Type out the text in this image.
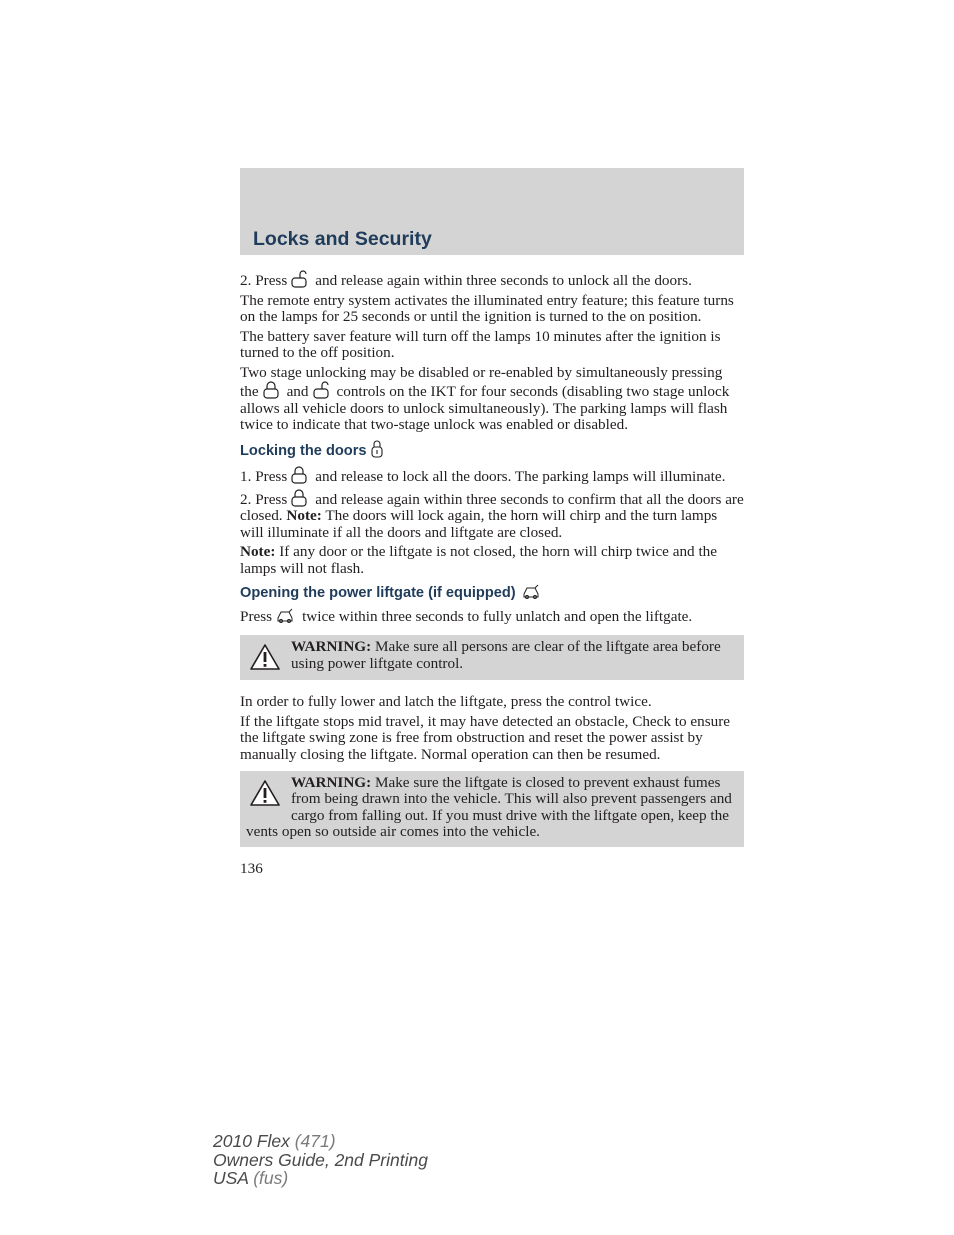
Locks and Security

2. Press and release again within three seconds to unlock all the doors.

The remote entry system activates the illuminated entry feature; this feature turns on the lamps for 25 seconds or until the ignition is turned to the on position.

The battery saver feature will turn off the lamps 10 minutes after the ignition is turned to the off position.

Two stage unlocking may be disabled or re-enabled by simultaneously pressing the and controls on the IKT for four seconds (disabling two stage unlock allows all vehicle doors to unlock simultaneously). The parking lamps will flash twice to indicate that two-stage unlock was enabled or disabled.

Locking the doors

1. Press and release to lock all the doors. The parking lamps will illuminate.

2. Press and release again within three seconds to confirm that all the doors are closed. Note: The doors will lock again, the horn will chirp and the turn lamps will illuminate if all the doors and liftgate are closed.

Note: If any door or the liftgate is not closed, the horn will chirp twice and the lamps will not flash.

Opening the power liftgate (if equipped)

Press twice within three seconds to fully unlatch and open the liftgate.

WARNING: Make sure all persons are clear of the liftgate area before using power liftgate control.

In order to fully lower and latch the liftgate, press the control twice.

If the liftgate stops mid travel, it may have detected an obstacle, Check to ensure the liftgate swing zone is free from obstruction and reset the power assist by manually closing the liftgate. Normal operation can then be resumed.

WARNING: Make sure the liftgate is closed to prevent exhaust fumes from being drawn into the vehicle. This will also prevent passengers and cargo from falling out. If you must drive with the liftgate open, keep the vents open so outside air comes into the vehicle.

136

2010 Flex (471)
Owners Guide, 2nd Printing
USA (fus)
